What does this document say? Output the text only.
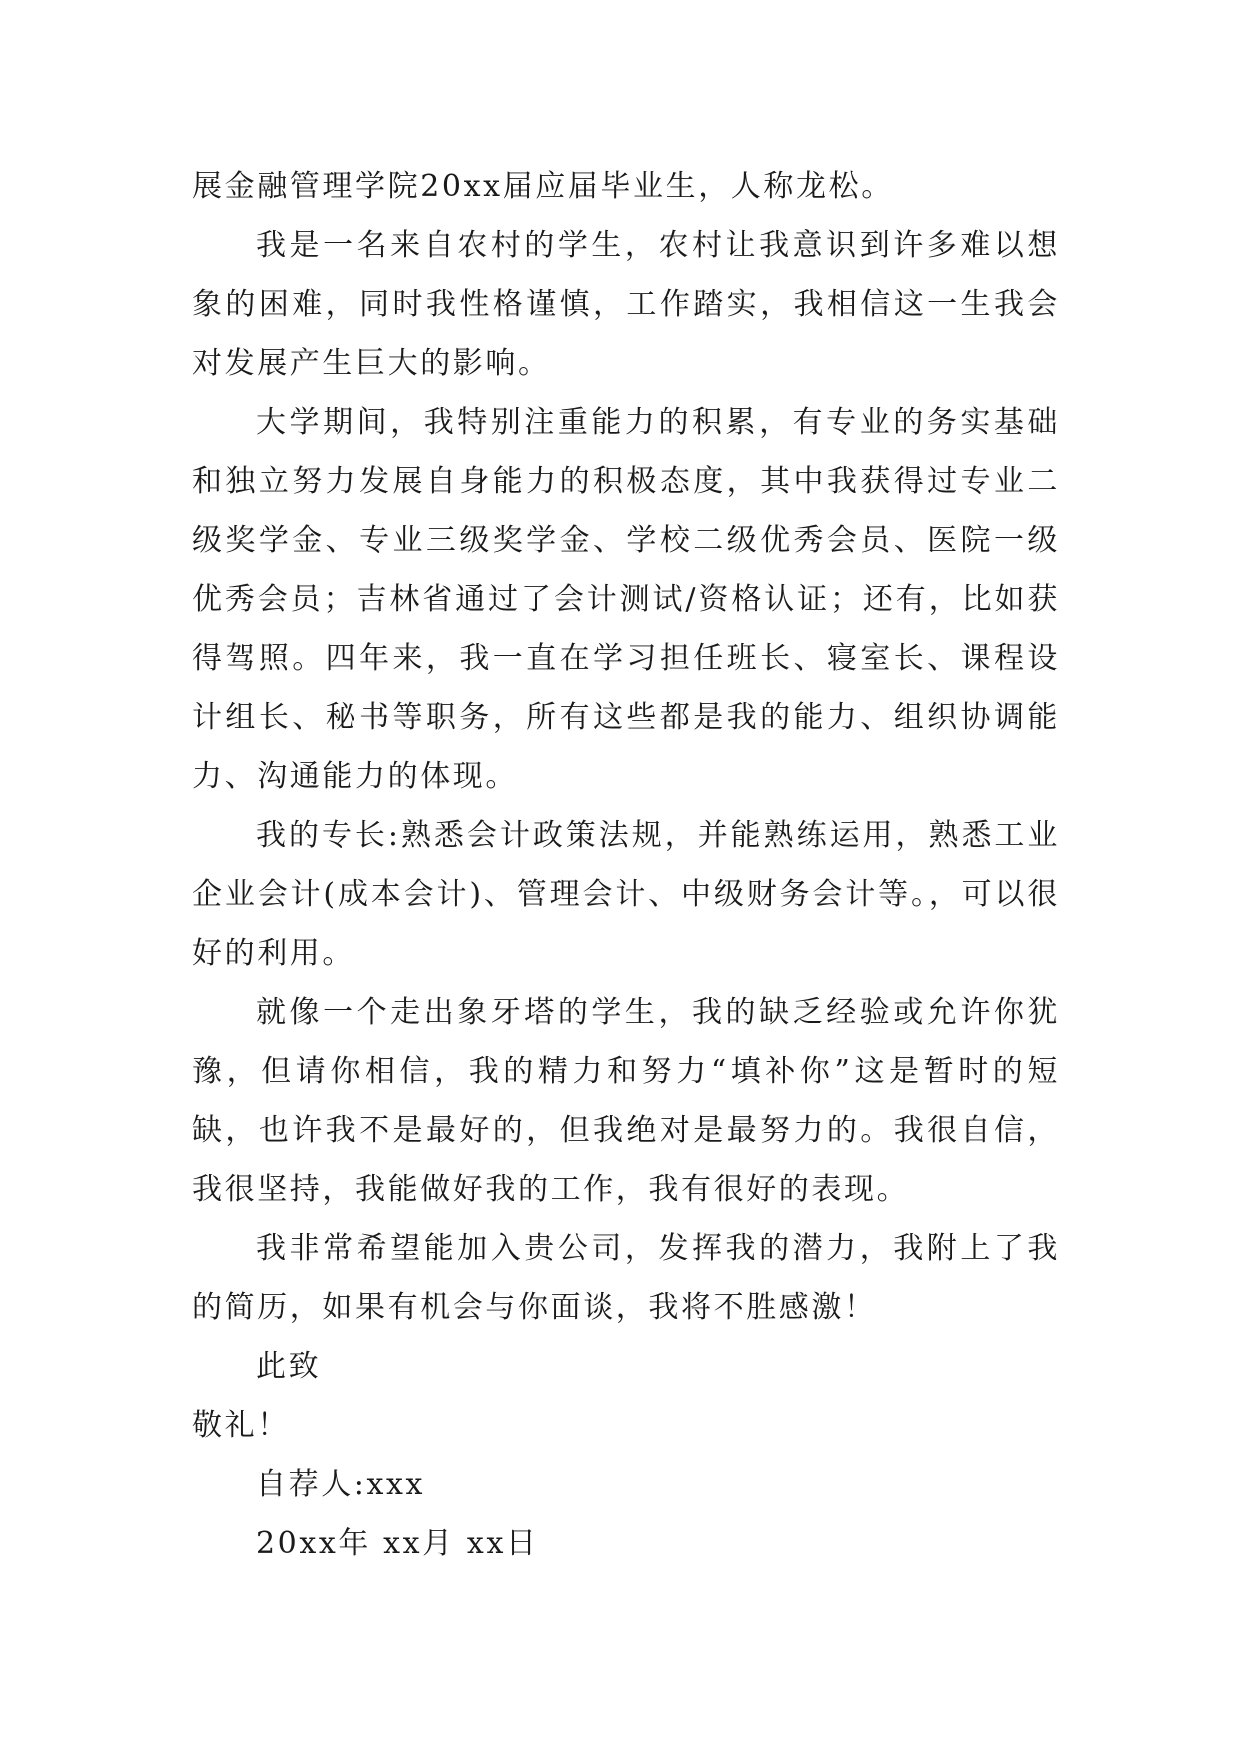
展金融管理学院20xx届应届毕业生，人称龙松。

我是一名来自农村的学生，农村让我意识到许多难以想象的困难，同时我性格谨慎，工作踏实，我相信这一生我会对发展产生巨大的影响。

大学期间，我特别注重能力的积累，有专业的务实基础和独立努力发展自身能力的积极态度，其中我获得过专业二级奖学金、专业三级奖学金、学校二级优秀会员、医院一级优秀会员；吉林省通过了会计测试/资格认证；还有，比如获得驾照。四年来，我一直在学习担任班长、寝室长、课程设计组长、秘书等职务，所有这些都是我的能力、组织协调能力、沟通能力的体现。

我的专长:熟悉会计政策法规，并能熟练运用，熟悉工业企业会计(成本会计)、管理会计、中级财务会计等。，可以很好的利用。

就像一个走出象牙塔的学生，我的缺乏经验或允许你犹豫，但请你相信，我的精力和努力“填补你”这是暂时的短缺，也许我不是最好的，但我绝对是最努力的。我很自信，我很坚持，我能做好我的工作，我有很好的表现。

我非常希望能加入贵公司，发挥我的潜力，我附上了我的简历，如果有机会与你面谈，我将不胜感激！

此致

敬礼！

自荐人:xxx

20xx年 xx月 xx日
